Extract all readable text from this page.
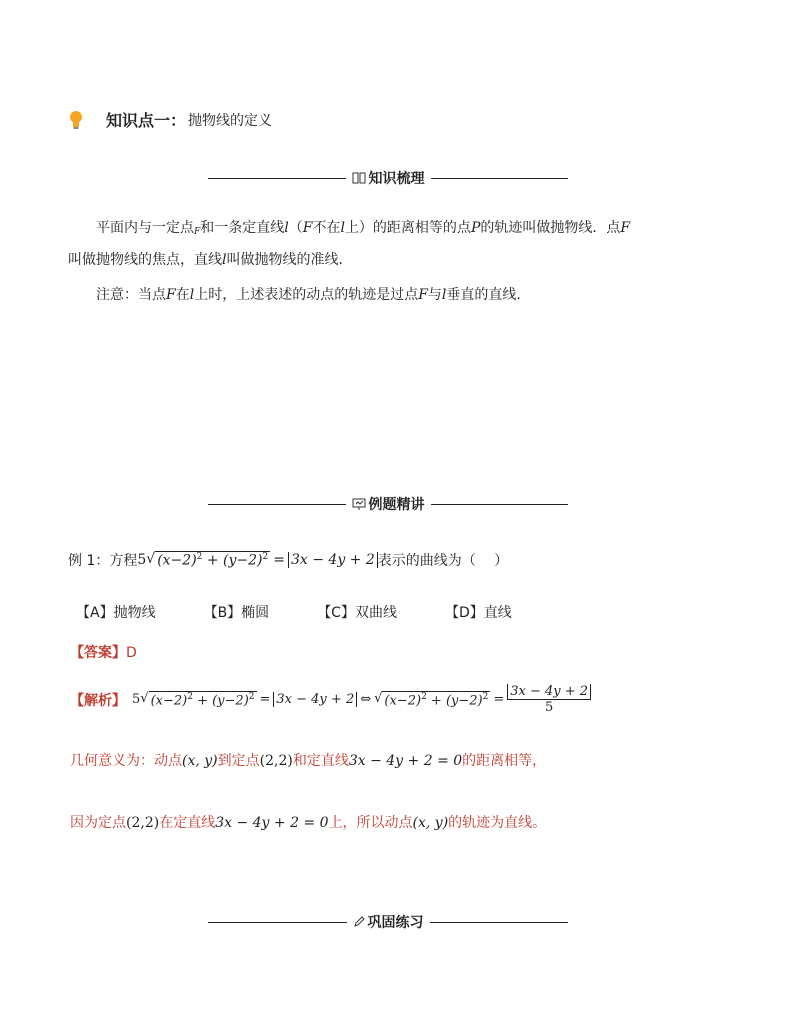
知识点一： 抛物线的定义
知识梳理
平面内与一定点F和一条定直线l（F不在l上）的距离相等的点P的轨迹叫做抛物线．点F
叫做抛物线的焦点，直线l叫做抛物线的准线.
注意：当点F在l上时，上述表述的动点的轨迹是过点F与l垂直的直线.
例题精讲
例 1：方程 5 √ $(x-2)^2 + (y-2)^2 = 3x - 4y + 2$ 表示的曲线为（　 ）
【A】抛物线	【B】椭圆	【C】双曲线	【D】直线
【答案】D
【解析】 5 √ $(x-2)^2 + (y-2)^2 = 3x - 4y + 2$ ⇔ √ $(x-2)^2 + (y-2)^2 = \frac{3x - 4y + 2}{5}$
几何意义为：动点(x, y)到定点(2,2)和定直线3x − 4y + 2 = 0的距离相等，
因为定点(2,2)在定直线3x − 4y + 2 = 0上，所以动点(x, y)的轨迹为直线。
巩固练习
